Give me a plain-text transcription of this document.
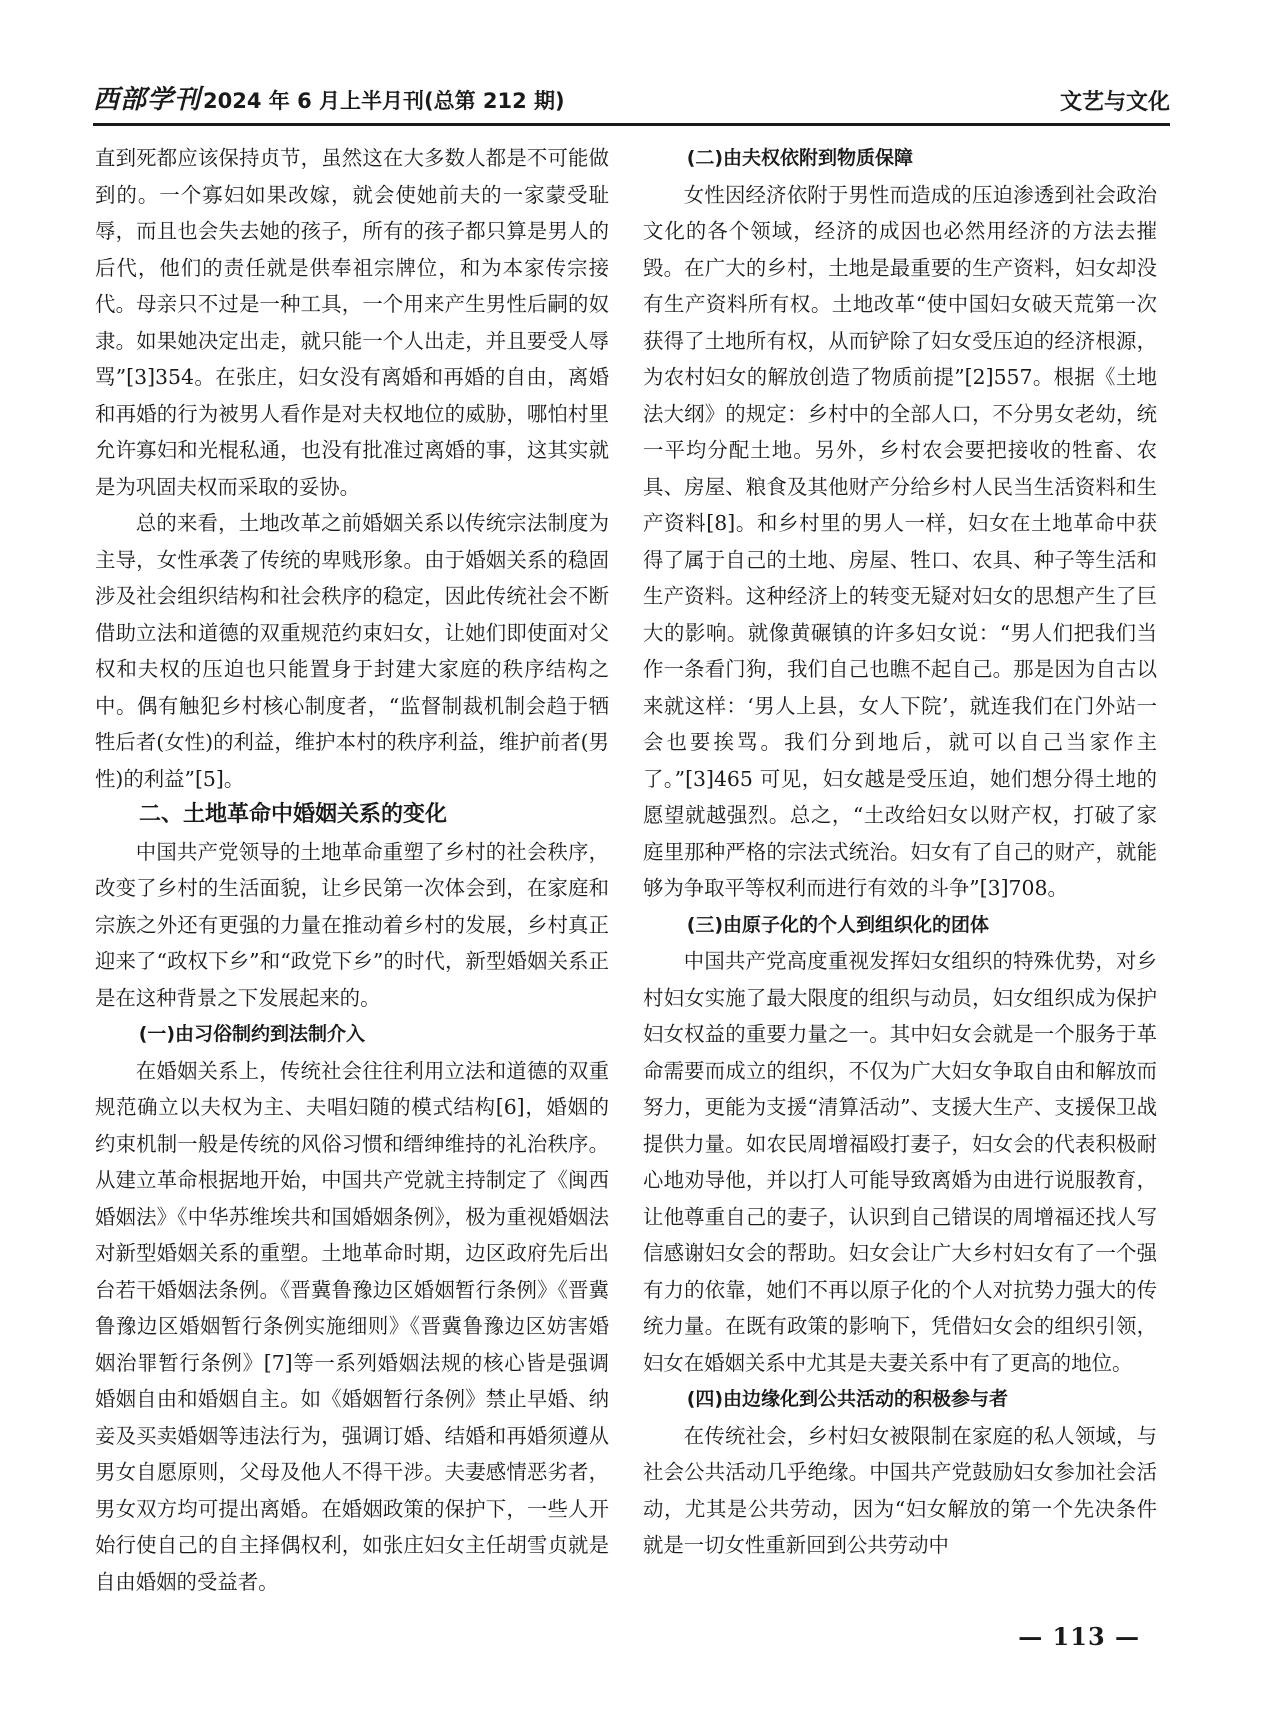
西部学刊 2024 年 6 月上半月刊(总第 212 期)	文艺与文化

直到死都应该保持贞节，虽然这在大多数人都是不可能做到的。一个寡妇如果改嫁，就会使她前夫的一家蒙受耻辱，而且也会失去她的孩子，所有的孩子都只算是男人的后代，他们的责任就是供奉祖宗牌位，和为本家传宗接代。母亲只不过是一种工具，一个用来产生男性后嗣的奴隶。如果她决定出走，就只能一个人出走，并且要受人辱骂”[3]354。在张庄，妇女没有离婚和再婚的自由，离婚和再婚的行为被男人看作是对夫权地位的威胁，哪怕村里允许寡妇和光棍私通，也没有批准过离婚的事，这其实就是为巩固夫权而采取的妥协。

总的来看，土地改革之前婚姻关系以传统宗法制度为主导，女性承袭了传统的卑贱形象。由于婚姻关系的稳固涉及社会组织结构和社会秩序的稳定，因此传统社会不断借助立法和道德的双重规范约束妇女，让她们即使面对父权和夫权的压迫也只能置身于封建大家庭的秩序结构之中。偶有触犯乡村核心制度者，“监督制裁机制会趋于牺牲后者(女性)的利益，维护本村的秩序利益，维护前者(男性)的利益”[5]。

二、土地革命中婚姻关系的变化

中国共产党领导的土地革命重塑了乡村的社会秩序，改变了乡村的生活面貌，让乡民第一次体会到，在家庭和宗族之外还有更强的力量在推动着乡村的发展，乡村真正迎来了“政权下乡”和“政党下乡”的时代，新型婚姻关系正是在这种背景之下发展起来的。

(一)由习俗制约到法制介入

在婚姻关系上，传统社会往往利用立法和道德的双重规范确立以夫权为主、夫唱妇随的模式结构[6]，婚姻的约束机制一般是传统的风俗习惯和缙绅维持的礼治秩序。从建立革命根据地开始，中国共产党就主持制定了《闽西婚姻法》《中华苏维埃共和国婚姻条例》，极为重视婚姻法对新型婚姻关系的重塑。土地革命时期，边区政府先后出台若干婚姻法条例。《晋冀鲁豫边区婚姻暂行条例》《晋冀鲁豫边区婚姻暂行条例实施细则》《晋冀鲁豫边区妨害婚姻治罪暂行条例》[7]等一系列婚姻法规的核心皆是强调婚姻自由和婚姻自主。如《婚姻暂行条例》禁止早婚、纳妾及买卖婚姻等违法行为，强调订婚、结婚和再婚须遵从男女自愿原则，父母及他人不得干涉。夫妻感情恶劣者，男女双方均可提出离婚。在婚姻政策的保护下，一些人开始行使自己的自主择偶权利，如张庄妇女主任胡雪贞就是自由婚姻的受益者。

(二)由夫权依附到物质保障

女性因经济依附于男性而造成的压迫渗透到社会政治文化的各个领域，经济的成因也必然用经济的方法去摧毁。在广大的乡村，土地是最重要的生产资料，妇女却没有生产资料所有权。土地改革“使中国妇女破天荒第一次获得了土地所有权，从而铲除了妇女受压迫的经济根源，为农村妇女的解放创造了物质前提”[2]557。根据《土地法大纲》的规定：乡村中的全部人口，不分男女老幼，统一平均分配土地。另外，乡村农会要把接收的牲畜、农具、房屋、粮食及其他财产分给乡村人民当生活资料和生产资料[8]。和乡村里的男人一样，妇女在土地革命中获得了属于自己的土地、房屋、牲口、农具、种子等生活和生产资料。这种经济上的转变无疑对妇女的思想产生了巨大的影响。就像黄碾镇的许多妇女说：“男人们把我们当作一条看门狗，我们自己也瞧不起自己。那是因为自古以来就这样：‘男人上县，女人下院’，就连我们在门外站一会也要挨骂。我们分到地后，就可以自己当家作主了。”[3]465 可见，妇女越是受压迫，她们想分得土地的愿望就越强烈。总之，“土改给妇女以财产权，打破了家庭里那种严格的宗法式统治。妇女有了自己的财产，就能够为争取平等权利而进行有效的斗争”[3]708。

(三)由原子化的个人到组织化的团体

中国共产党高度重视发挥妇女组织的特殊优势，对乡村妇女实施了最大限度的组织与动员，妇女组织成为保护妇女权益的重要力量之一。其中妇女会就是一个服务于革命需要而成立的组织，不仅为广大妇女争取自由和解放而努力，更能为支援“清算活动”、支援大生产、支援保卫战提供力量。如农民周增福殴打妻子，妇女会的代表积极耐心地劝导他，并以打人可能导致离婚为由进行说服教育，让他尊重自己的妻子，认识到自己错误的周增福还找人写信感谢妇女会的帮助。妇女会让广大乡村妇女有了一个强有力的依靠，她们不再以原子化的个人对抗势力强大的传统力量。在既有政策的影响下，凭借妇女会的组织引领，妇女在婚姻关系中尤其是夫妻关系中有了更高的地位。

(四)由边缘化到公共活动的积极参与者

在传统社会，乡村妇女被限制在家庭的私人领域，与社会公共活动几乎绝缘。中国共产党鼓励妇女参加社会活动，尤其是公共劳动，因为“妇女解放的第一个先决条件就是一切女性重新回到公共劳动中

— 113 —
